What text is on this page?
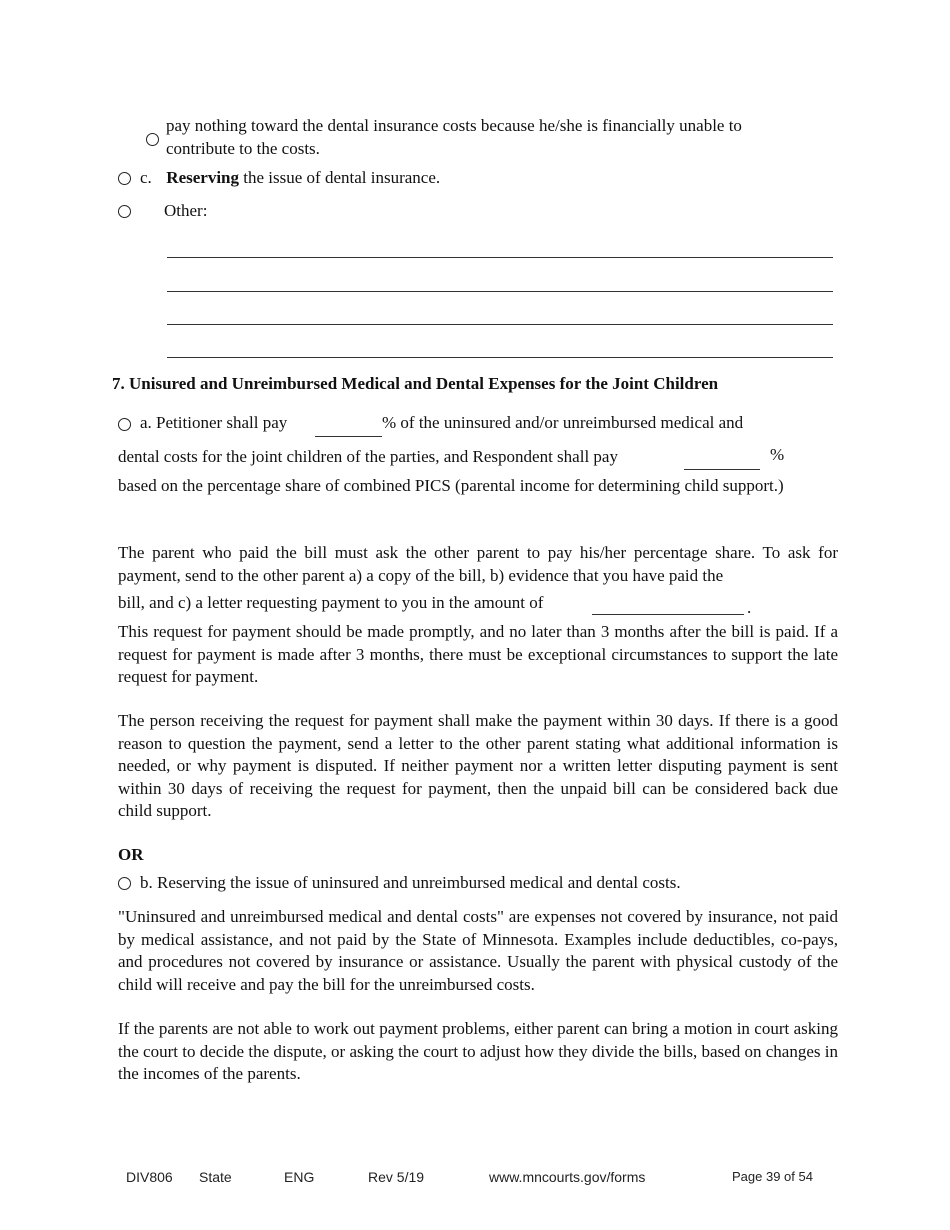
pay nothing toward the dental insurance costs because he/she is financially unable to
contribute to the costs.
c. Reserving the issue of dental insurance.
Other:
7. Unisured and Unreimbursed Medical and Dental Expenses for the Joint Children
a. Petitioner shall pay	% of the uninsured and/or unreimbursed medical and
dental costs for the joint children of the parties, and Respondent shall pay	%
based on the percentage share of combined PICS (parental income for determining child support.)
The parent who paid the bill must ask the other parent to pay his/her percentage share. To ask for payment, send to the other parent a) a copy of the bill, b) evidence that you have paid the
bill, and c) a letter requesting payment to you in the amount of	.
This request for payment should be made promptly, and no later than 3 months after the bill is paid. If a request for payment is made after 3 months, there must be exceptional circumstances to support the late request for payment.
The person receiving the request for payment shall make the payment within 30 days. If there is a good reason to question the payment, send a letter to the other parent stating what additional information is needed, or why payment is disputed. If neither payment nor a written letter disputing payment is sent within 30 days of receiving the request for payment, then the unpaid bill can be considered back due child support.
OR
b. Reserving the issue of uninsured and unreimbursed medical and dental costs.
"Uninsured and unreimbursed medical and dental costs" are expenses not covered by insurance, not paid by medical assistance, and not paid by the State of Minnesota. Examples include deductibles, co-pays, and procedures not covered by insurance or assistance. Usually the parent with physical custody of the child will receive and pay the bill for the unreimbursed costs.
If the parents are not able to work out payment problems, either parent can bring a motion in court asking the court to decide the dispute, or asking the court to adjust how they divide the bills, based on changes in the incomes of the parents.
DIV806 State	ENG	Rev 5/19	www.mncourts.gov/forms	Page 39 of 54
